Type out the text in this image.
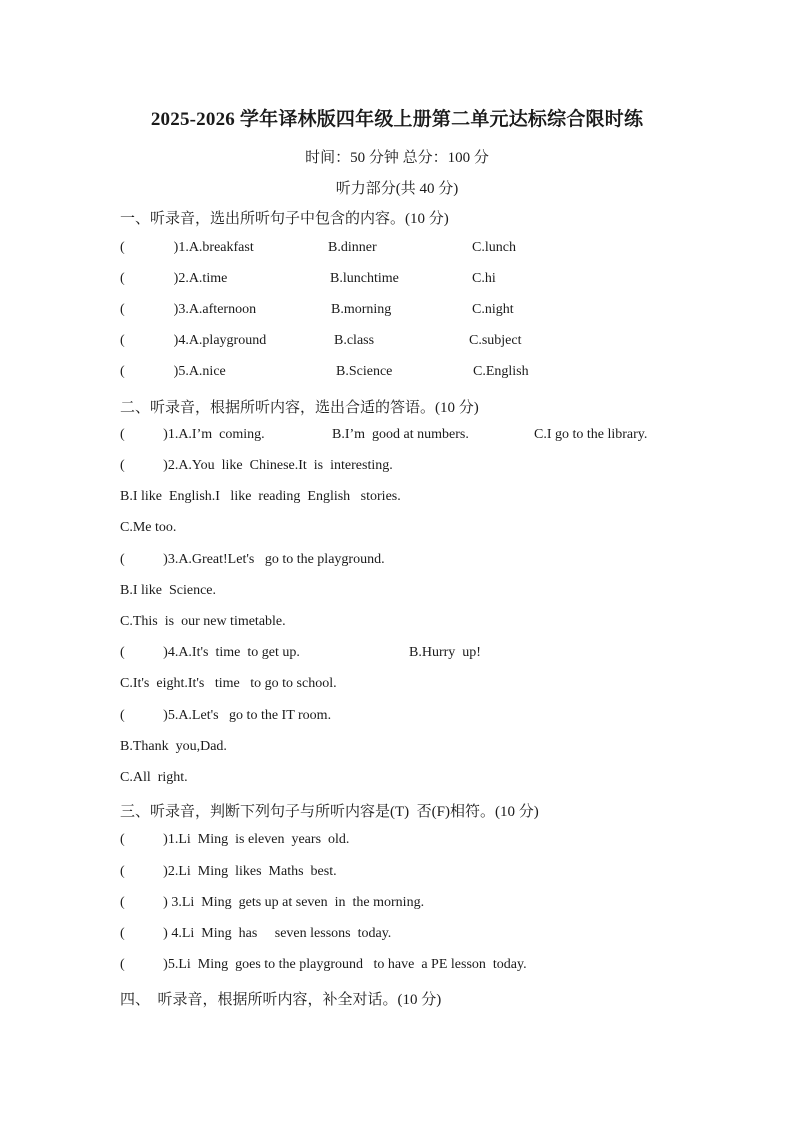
2025-2026 学年译林版四年级上册第二单元达标综合限时练
时间：50 分钟 总分：100 分
听力部分(共 40 分)
一、听录音，选出所听句子中包含的内容。(10 分)
(              )1.A.breakfast	B.dinner	C.lunch
(              )2.A.time	B.lunchtime	C.hi
(              )3.A.afternoon	B.morning	C.night
(              )4.A.playground	B.class	C.subject
(              )5.A.nice	B.Science	C.English
二、听录音，根据所听内容，选出合适的答语。(10 分)
(           )1.A.I’m  coming.	B.I’m  good at numbers.	C.I go to the library.
(           )2.A.You  like  Chinese.It  is  interesting.
B.I like  English.I   like  reading  English   stories.
C.Me too.
(           )3.A.Great!Let's   go to the playground.
B.I like  Science.
C.This  is  our new timetable.
(           )4.A.It's  time  to get up.	B.Hurry  up!
C.It's  eight.It's   time   to go to school.
(           )5.A.Let's   go to the IT room.
B.Thank  you,Dad.
C.All  right.
三、听录音，判断下列句子与所听内容是(T)  否(F)相符。(10 分)
(           )1.Li  Ming  is eleven  years  old.
(           )2.Li  Ming  likes  Maths  best.
(           ) 3.Li  Ming  gets up at seven  in  the morning.
(           ) 4.Li  Ming  has     seven lessons  today.
(           )5.Li  Ming  goes to the playground   to have  a PE lesson  today.
四、  听录音，根据所听内容，补全对话。(10 分)
